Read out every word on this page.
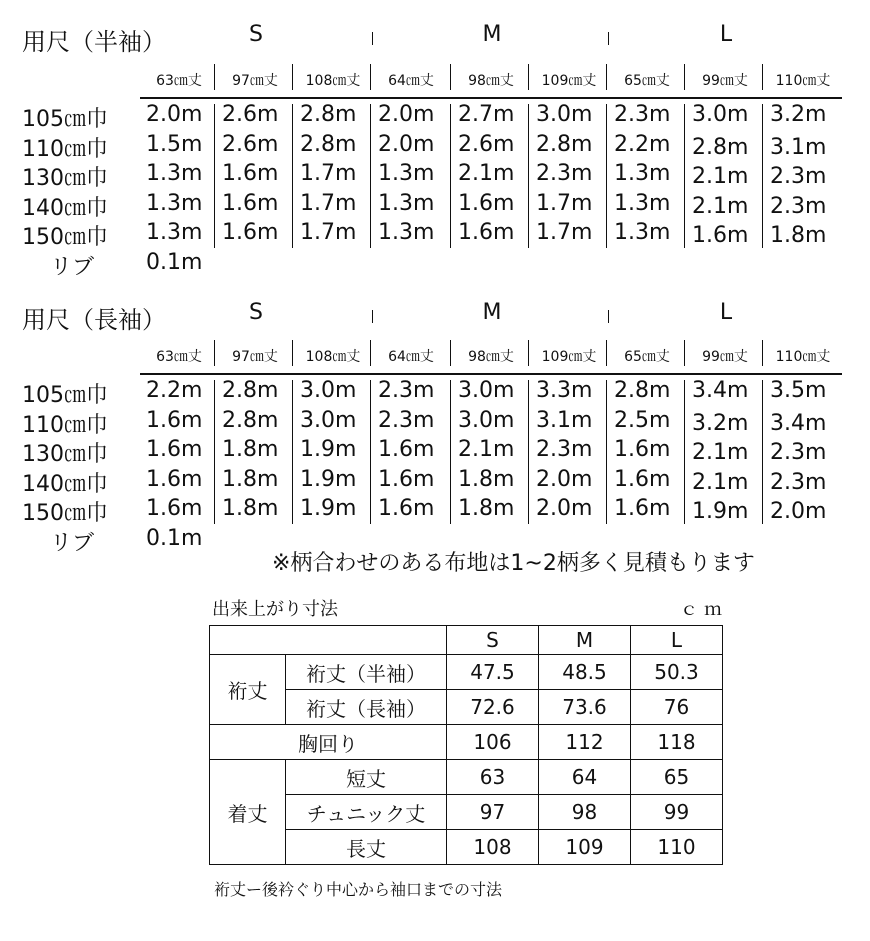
用尺（半袖）	S	M	L
63㎝丈	97㎝丈	108㎝丈	64㎝丈	98㎝丈	109㎝丈	65㎝丈	99㎝丈	110㎝丈
105㎝巾	2.0m 2.6m 2.8m 2.0m 2.7m 3.0m 2.3m 3.0m 3.2m
110㎝巾	1.5m 2.6m 2.8m 2.0m 2.6m 2.8m 2.2m 2.8m 3.1m
130㎝巾	1.3m 1.6m 1.7m 1.3m 2.1m 2.3m 1.3m 2.1m 2.3m
140㎝巾	1.3m 1.6m 1.7m 1.3m 1.6m 1.7m 1.3m 2.1m 2.3m
150㎝巾	1.3m 1.6m 1.7m 1.3m 1.6m 1.7m 1.3m 1.6m 1.8m
リブ	0.1m
用尺（長袖）	S	M	L
63㎝丈	97㎝丈	108㎝丈	64㎝丈	98㎝丈	109㎝丈	65㎝丈	99㎝丈	110㎝丈
105㎝巾	2.2m 2.8m 3.0m 2.3m 3.0m 3.3m 2.8m 3.4m 3.5m
110㎝巾	1.6m 2.8m 3.0m 2.3m 3.0m 3.1m 2.5m 3.2m 3.4m
130㎝巾	1.6m 1.8m 1.9m 1.6m 2.1m 2.3m 1.6m 2.1m 2.3m
140㎝巾	1.6m 1.8m 1.9m 1.6m 1.8m 2.0m 1.6m 2.1m 2.3m
150㎝巾	1.6m 1.8m 1.9m 1.6m 1.8m 2.0m 1.6m 1.9m 2.0m
リブ	0.1m
※柄合わせのある布地は1~2柄多く見積もります
出来上がり寸法	ｃｍ
		S	M	L
裄丈	裄丈（半袖）	47.5	48.5	50.3
	裄丈（長袖）	72.6	73.6	76
胸回り		106	112	118
着丈	短丈	63	64	65
	チュニック丈	97	98	99
	長丈	108	109	110
裄丈ー後衿ぐり中心から袖口までの寸法
